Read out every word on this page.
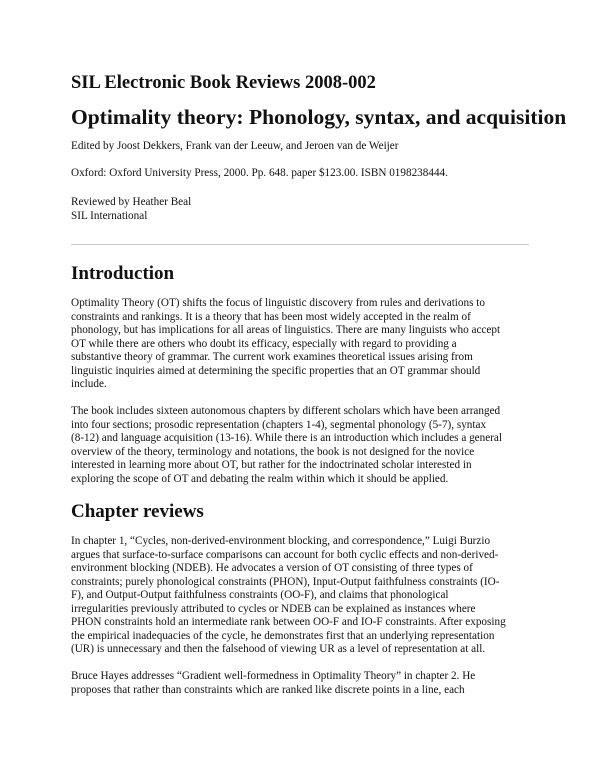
SIL Electronic Book Reviews 2008-002
Optimality theory: Phonology, syntax, and acquisition

Edited by Joost Dekkers, Frank van der Leeuw, and Jeroen van de Weijer

Oxford: Oxford University Press, 2000. Pp. 648. paper $123.00. ISBN 0198238444.

Reviewed by Heather Beal

SIL International

Introduction
Optimality Theory (OT) shifts the focus of linguistic discovery from rules and derivations to
constraints and rankings. It is a theory that has been most widely accepted in the realm of
phonology, but has implications for all areas of linguistics. There are many linguists who accept
OT while there are others who doubt its efficacy, especially with regard to providing a
substantive theory of grammar. The current work examines theoretical issues arising from
linguistic inquiries aimed at determining the specific properties that an OT grammar should
include.
The book includes sixteen autonomous chapters by different scholars which have been arranged
into four sections; prosodic representation (chapters 1-4), segmental phonology (5-7), syntax
(8-12) and language acquisition (13-16). While there is an introduction which includes a general
overview of the theory, terminology and notations, the book is not designed for the novice
interested in learning more about OT, but rather for the indoctrinated scholar interested in
exploring the scope of OT and debating the realm within which it should be applied.
Chapter reviews
In chapter 1, “Cycles, non-derived-environment blocking, and correspondence,” Luigi Burzio
argues that surface-to-surface comparisons can account for both cyclic effects and non-derived-
environment blocking (NDEB). He advocates a version of OT consisting of three types of
constraints; purely phonological constraints (PHON), Input-Output faithfulness constraints (IO-
F), and Output-Output faithfulness constraints (OO-F), and claims that phonological
irregularities previously attributed to cycles or NDEB can be explained as instances where
PHON constraints hold an intermediate rank between OO-F and IO-F constraints. After exposing
the empirical inadequacies of the cycle, he demonstrates first that an underlying representation
(UR) is unnecessary and then the falsehood of viewing UR as a level of representation at all.
Bruce Hayes addresses “Gradient well-formedness in Optimality Theory” in chapter 2. He
proposes that rather than constraints which are ranked like discrete points in a line, each
